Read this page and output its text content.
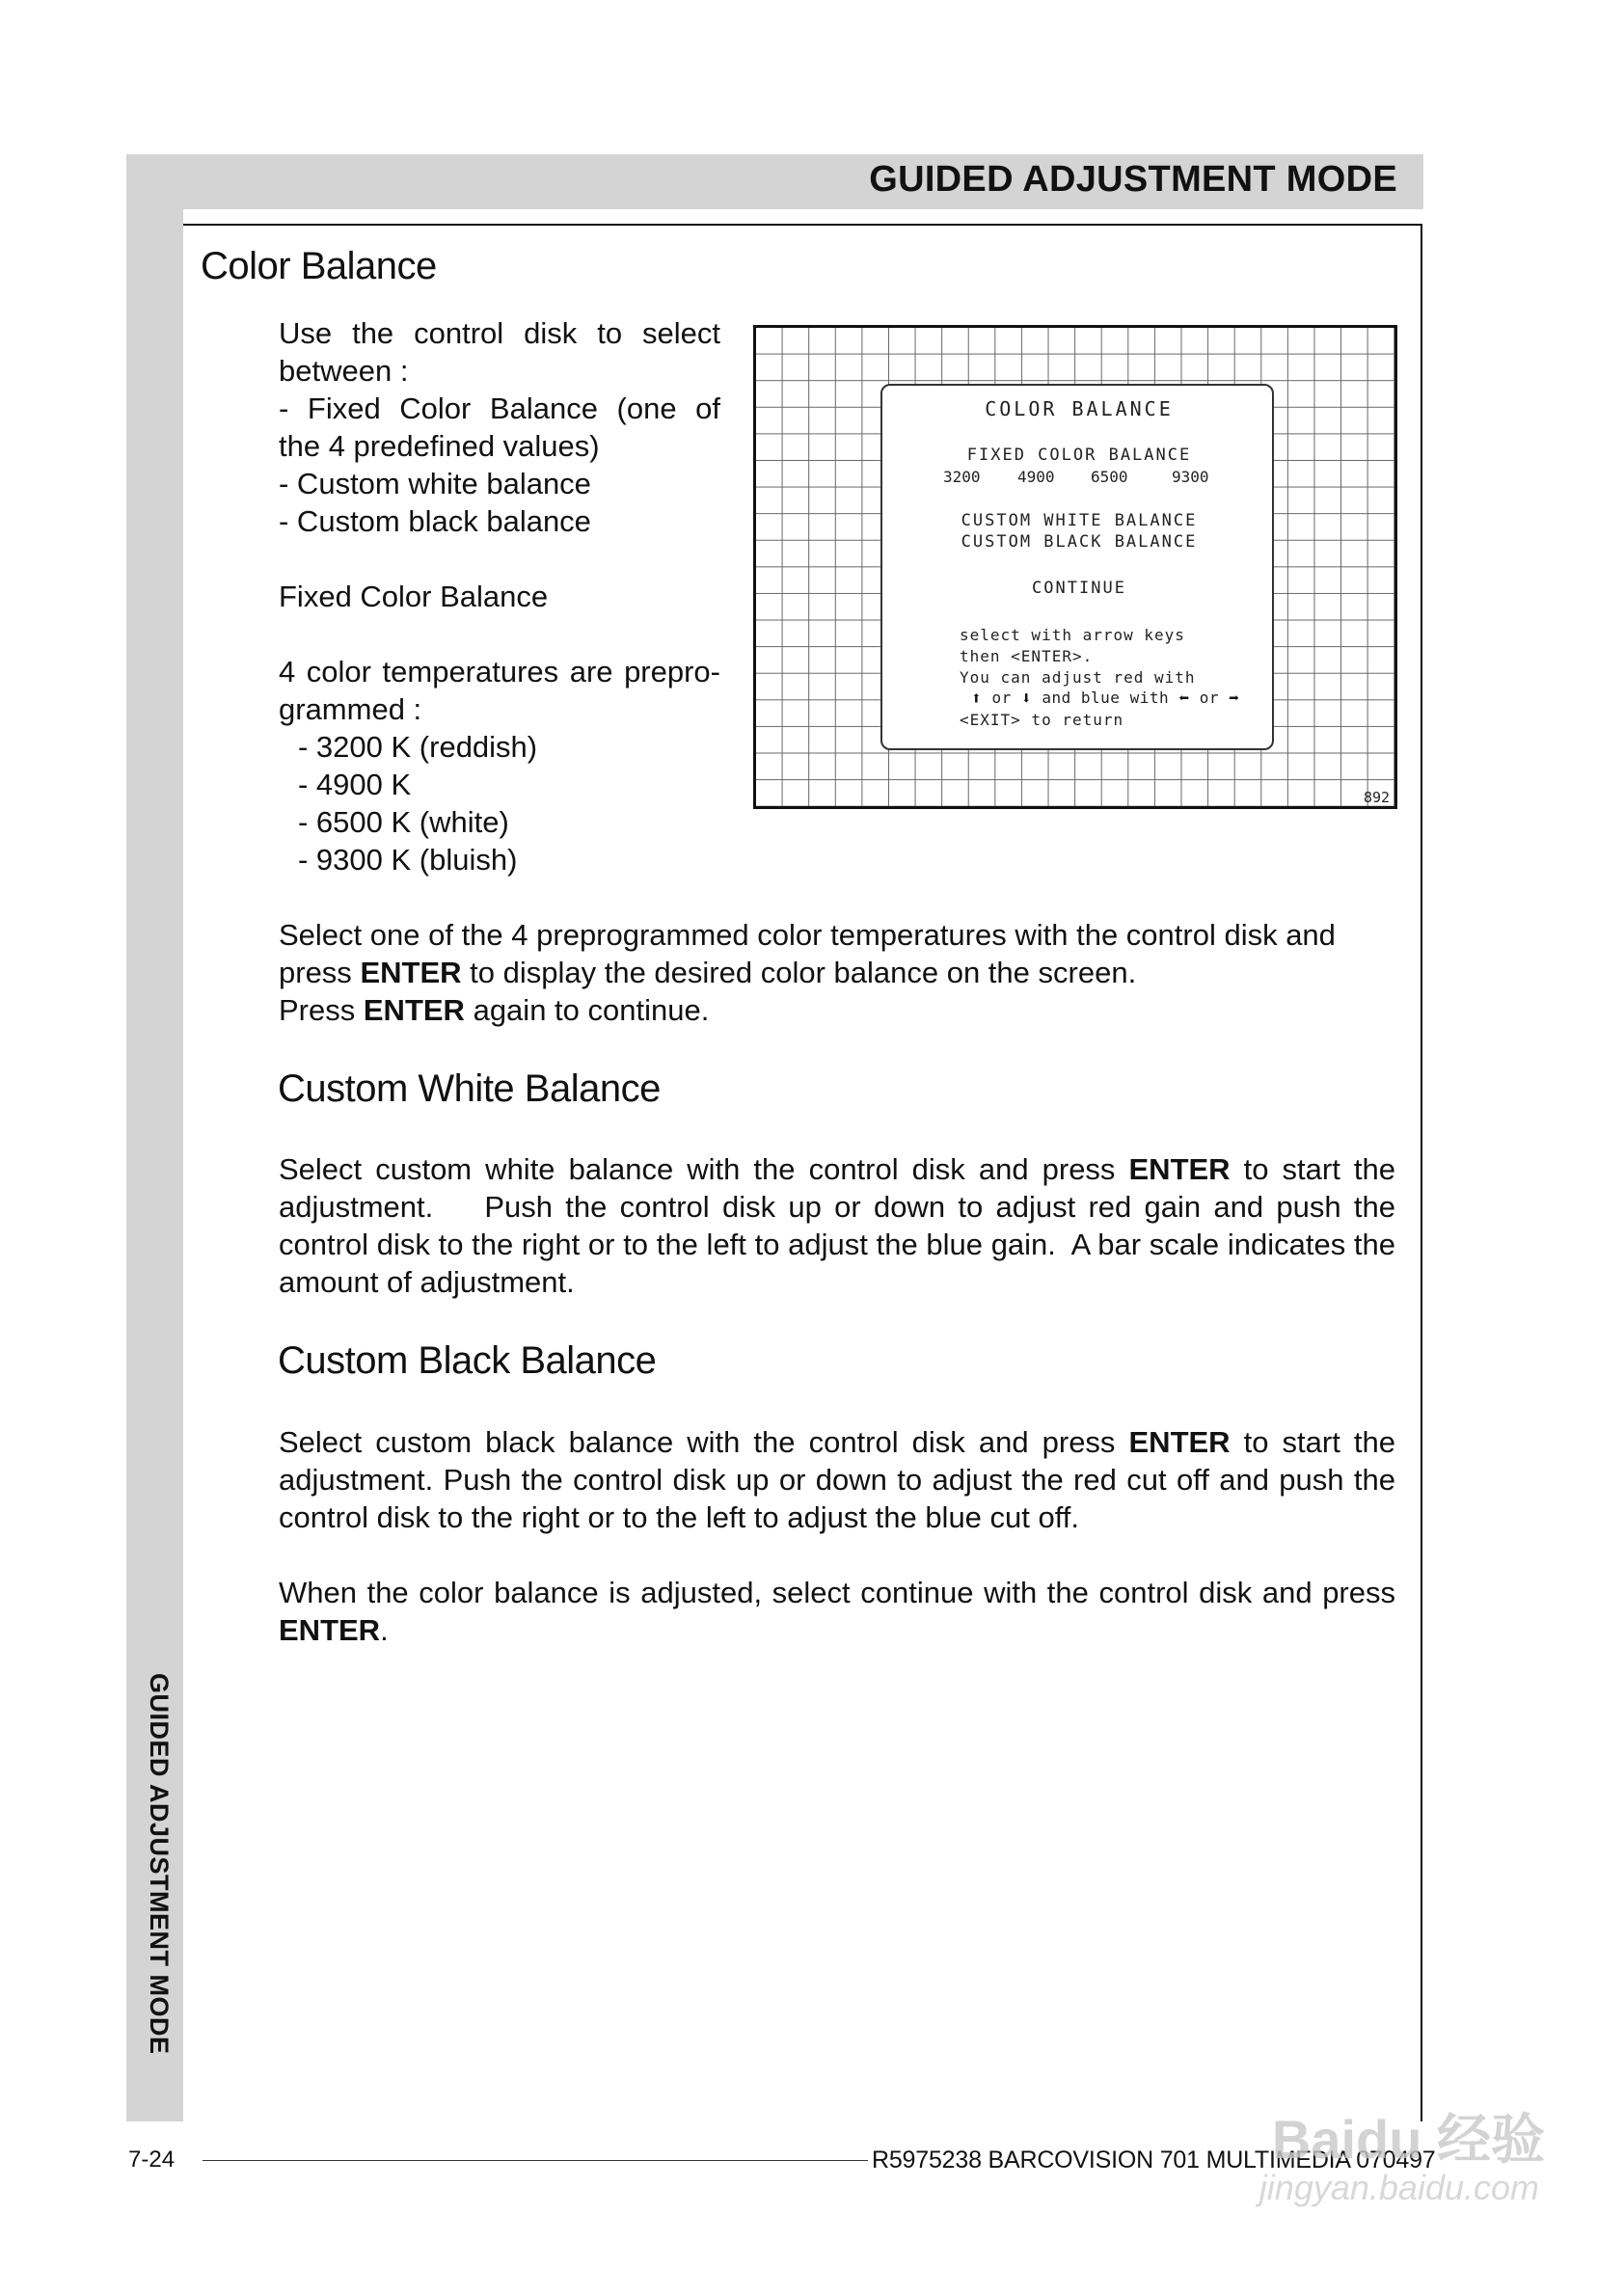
GUIDED ADJUSTMENT MODE
GUIDED ADJUSTMENT MODE
Color Balance
Use the control disk to select
between :
- Fixed Color Balance (one of
the 4 predefined values)
- Custom white balance
- Custom black balance
Fixed Color Balance
4 color temperatures are prepro-
grammed :
- 3200 K (reddish)
- 4900 K
- 6500 K (white)
- 9300 K (bluish)
COLOR BALANCE
FIXED COLOR BALANCE
3200 4900 6500	9300
CUSTOM WHITE BALANCE
CUSTOM BLACK BALANCE
CONTINUE
select with arrow keys
then <ENTER>.
You can adjust red with
⬆ or ⬇ and blue with ⬅ or ➡
<EXIT> to return
892
Select one of the 4 preprogrammed color temperatures with the control disk and press ENTER to display the desired color balance on the screen.
Press ENTER again to continue.
Custom White Balance
Select custom white balance with the control disk and press ENTER to start the adjustment.    Push the control disk up or down to adjust red gain and push the control disk to the right or to the left to adjust the blue gain.  A bar scale indicates the amount of adjustment.
Custom Black Balance
Select custom black balance with the control disk and press ENTER to start the adjustment. Push the control disk up or down to adjust the red cut off and push the control disk to the right or to the left to adjust the blue cut off.
When the color balance is adjusted, select continue with the control disk and press ENTER.
7-24	R5975238 BARCOVISION 701 MULTIMEDIA 070497
Baidu 经验
jingyan.baidu.com
